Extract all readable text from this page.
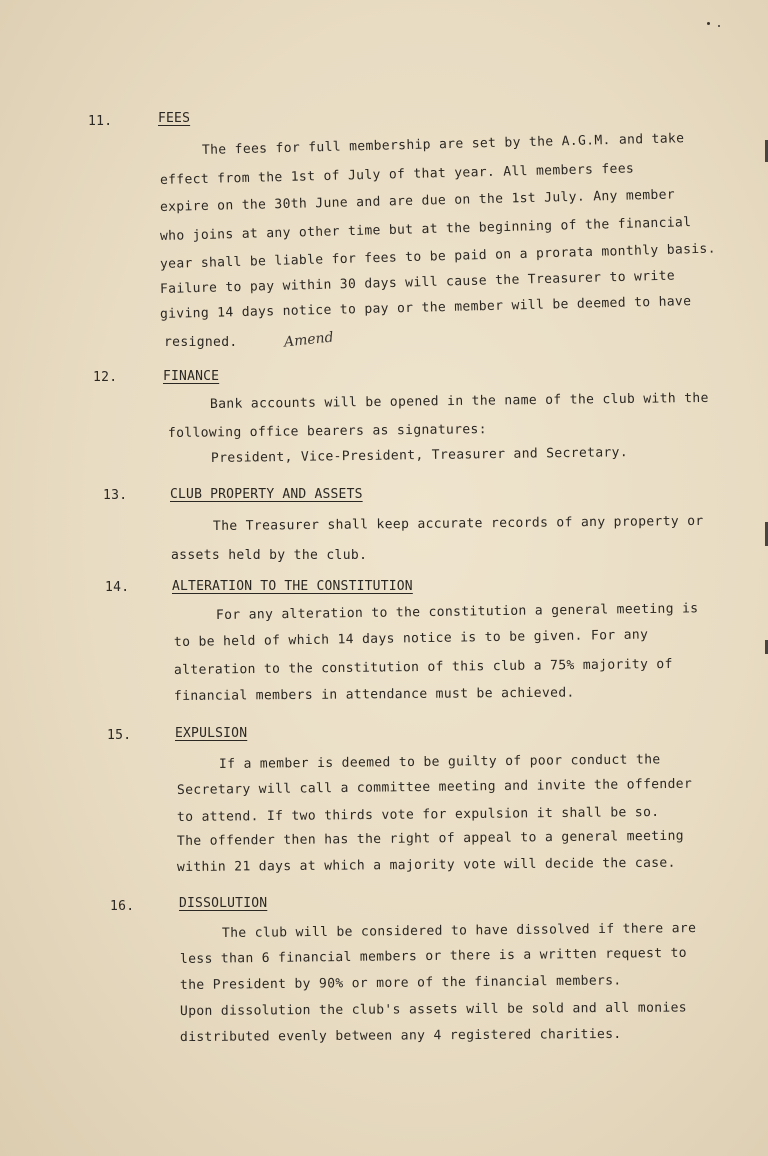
11.	FEES
The fees for full membership are set by the A.G.M. and take
effect from the 1st of July of that year. All members fees
expire on the 30th June and are due on the 1st July. Any member
who joins at any other time but at the beginning of the financial
year shall be liable for fees to be paid on a prorata monthly basis.
Failure to pay within 30 days will cause the Treasurer to write
giving 14 days notice to pay or the member will be deemed to have
resigned.	Amend
12.	FINANCE
Bank accounts will be opened in the name of the club with the
following office bearers as signatures:
President, Vice-President, Treasurer and Secretary.
13.	CLUB PROPERTY AND ASSETS
The Treasurer shall keep accurate records of any property or
assets held by the club.
14.	ALTERATION TO THE CONSTITUTION
For any alteration to the constitution a general meeting is
to be held of which 14 days notice is to be given. For any
alteration to the constitution of this club a 75% majority of
financial members in attendance must be achieved.
15.	EXPULSION
If a member is deemed to be guilty of poor conduct the
Secretary will call a committee meeting and invite the offender
to attend. If two thirds vote for expulsion it shall be so.
The offender then has the right of appeal to a general meeting
within 21 days at which a majority vote will decide the case.
16.	DISSOLUTION
The club will be considered to have dissolved if there are
less than 6 financial members or there is a written request to
the President by 90% or more of the financial members.
Upon dissolution the club's assets will be sold and all monies
distributed evenly between any 4 registered charities.
